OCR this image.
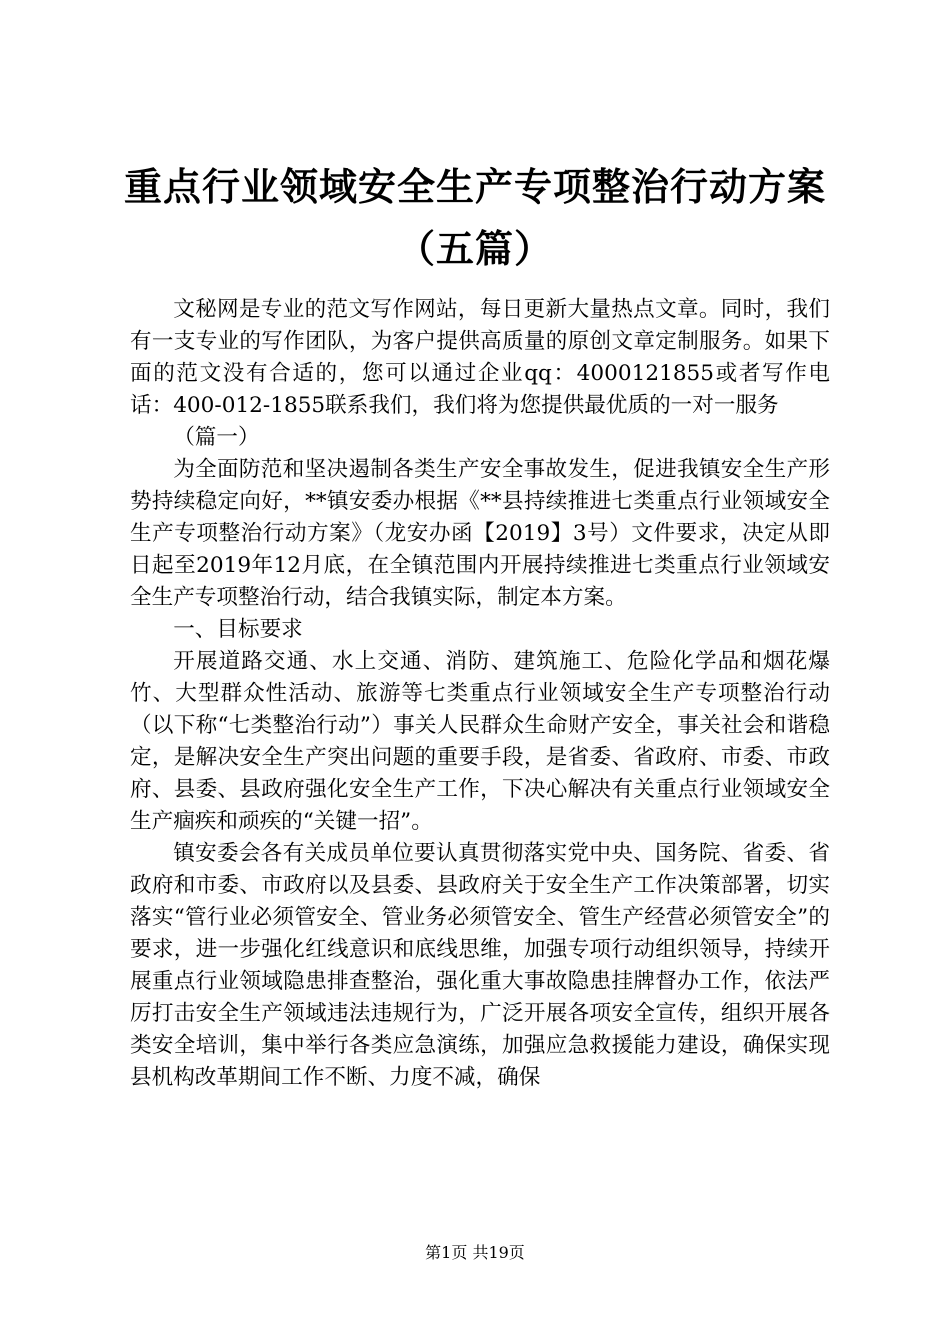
重点行业领域安全生产专项整治行动方案（五篇）

文秘网是专业的范文写作网站，每日更新大量热点文章。同时，我们有一支专业的写作团队，为客户提供高质量的原创文章定制服务。如果下面的范文没有合适的，您可以通过企业qq：4000121855或者写作电话：400-012-1855联系我们，我们将为您提供最优质的一对一服务

（篇一）

为全面防范和坚决遏制各类生产安全事故发生，促进我镇安全生产形势持续稳定向好，**镇安委办根据《**县持续推进七类重点行业领域安全生产专项整治行动方案》（龙安办函【2019】3号）文件要求，决定从即日起至2019年12月底，在全镇范围内开展持续推进七类重点行业领域安全生产专项整治行动，结合我镇实际，制定本方案。

一、目标要求

开展道路交通、水上交通、消防、建筑施工、危险化学品和烟花爆竹、大型群众性活动、旅游等七类重点行业领域安全生产专项整治行动（以下称“七类整治行动”）事关人民群众生命财产安全，事关社会和谐稳定，是解决安全生产突出问题的重要手段，是省委、省政府、市委、市政府、县委、县政府强化安全生产工作，下决心解决有关重点行业领域安全生产痼疾和顽疾的“关键一招”。

镇安委会各有关成员单位要认真贯彻落实党中央、国务院、省委、省政府和市委、市政府以及县委、县政府关于安全生产工作决策部署，切实落实“管行业必须管安全、管业务必须管安全、管生产经营必须管安全”的要求，进一步强化红线意识和底线思维，加强专项行动组织领导，持续开展重点行业领域隐患排查整治，强化重大事故隐患挂牌督办工作，依法严厉打击安全生产领域违法违规行为，广泛开展各项安全宣传，组织开展各类安全培训，集中举行各类应急演练，加强应急救援能力建设，确保实现县机构改革期间工作不断、力度不减，确保

第1页 共19页
